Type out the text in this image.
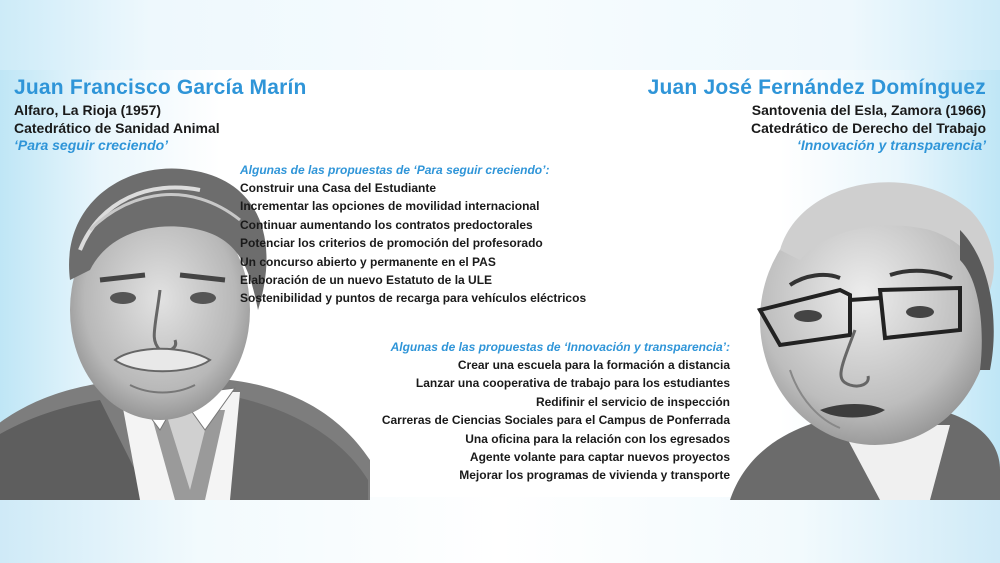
Juan Francisco García Marín
Alfaro, La Rioja (1957)
Catedrático de Sanidad Animal
‘Para seguir creciendo’
Juan José Fernández Domínguez
Santovenia del Esla, Zamora (1966)
Catedrático de Derecho del Trabajo
‘Innovación y transparencia’
Algunas de las propuestas de ‘Para seguir creciendo’:
Construir una Casa del Estudiante
Incrementar las opciones de movilidad internacional
Continuar aumentando los contratos predoctorales
Potenciar los criterios de promoción del profesorado
Un concurso abierto y permanente en el PAS
Elaboración de un nuevo Estatuto de la ULE
Sostenibilidad y puntos de recarga para vehículos eléctricos
Algunas de las propuestas de ‘Innovación y transparencia’:
Crear una escuela para la formación a distancia
Lanzar una cooperativa de trabajo para los estudiantes
Redifinir el servicio de inspección
Carreras de Ciencias Sociales para el Campus de Ponferrada
Una oficina para la relación con los egresados
Agente volante para captar nuevos proyectos
Mejorar los programas de vivienda y transporte
